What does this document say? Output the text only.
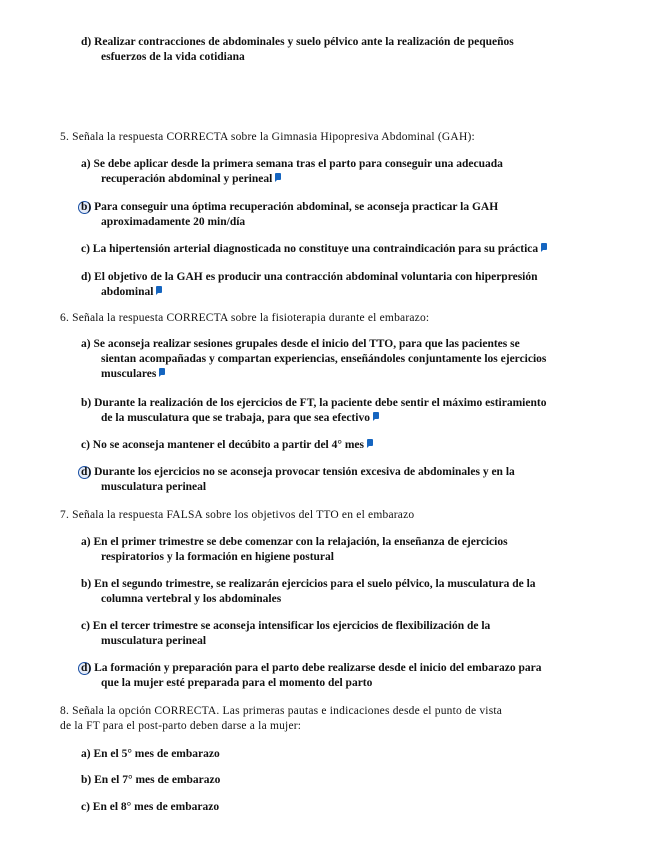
d) Realizar contracciones de abdominales y suelo pélvico ante la realización de pequeños
esfuerzos de la vida cotidiana
5. Señala la respuesta CORRECTA sobre la Gimnasia Hipopresiva Abdominal (GAH):
a) Se debe aplicar desde la primera semana tras el parto para conseguir una adecuada
recuperación abdominal y perineal
b) Para conseguir una óptima recuperación abdominal, se aconseja practicar la GAH
aproximadamente 20 min/día
c) La hipertensión arterial diagnosticada no constituye una contraindicación para su práctica
d) El objetivo de la GAH es producir una contracción abdominal voluntaria con hiperpresión
abdominal
6. Señala la respuesta CORRECTA sobre la fisioterapia durante el embarazo:
a) Se aconseja realizar sesiones grupales desde el inicio del TTO, para que las pacientes se
sientan acompañadas y compartan experiencias, enseñándoles conjuntamente los ejercicios
musculares
b) Durante la realización de los ejercicios de FT, la paciente debe sentir el máximo estiramiento
de la musculatura que se trabaja, para que sea efectivo
c) No se aconseja mantener el decúbito a partir del 4° mes
d) Durante los ejercicios no se aconseja provocar tensión excesiva de abdominales y en la
musculatura perineal
7. Señala la respuesta FALSA sobre los objetivos del TTO en el embarazo
a) En el primer trimestre se debe comenzar con la relajación, la enseñanza de ejercicios
respiratorios y la formación en higiene postural
b) En el segundo trimestre, se realizarán ejercicios para el suelo pélvico, la musculatura de la
columna vertebral y los abdominales
c) En el tercer trimestre se aconseja intensificar los ejercicios de flexibilización de la
musculatura perineal
d) La formación y preparación para el parto debe realizarse desde el inicio del embarazo para
que la mujer esté preparada para el momento del parto
8. Señala la opción CORRECTA. Las primeras pautas e indicaciones desde el punto de vista
de la FT para el post-parto deben darse a la mujer:
a) En el 5° mes de embarazo
b) En el 7° mes de embarazo
c) En el 8° mes de embarazo
